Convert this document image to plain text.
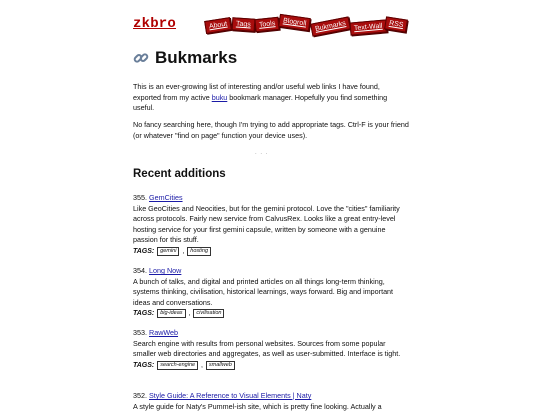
zkbro	About	Tags	Tools Blogroll	Bukmarks	Text-Wall RSS
Bukmarks

This is an ever-growing list of interesting and/or useful web links I have found, exported from my active buku bookmark manager. Hopefully you find something useful.

No fancy searching here, though I'm trying to add appropriate tags. Ctrl-F is your friend (or whatever "find on page" function your device uses).

. . .
Recent additions
355. GemCities
Like GeoCities and Neocities, but for the gemini protocol. Love the "cities" familiarity across protocols. Fairly new service from CalvusRex. Looks like a great entry-level hosting service for your first gemini capsule, written by someone with a genuine passion for this stuff.
TAGS: gemini , hosting
354. Long Now
A bunch of talks, and digital and printed articles on all things long-term thinking, systems thinking, civilisation, historical learnings, ways forward. Big and important ideas and conversations.
TAGS: big-ideas , civilisation
353. RawWeb
Search engine with results from personal websites. Sources from some popular smaller web directories and aggregates, as well as user-submitted. Interface is tight.
TAGS: search-engine , smallweb
352. Style Guide: A Reference to Visual Elements | Naty
A style guide for Naty's Pummel-ish site, which is pretty fine looking. Actually a
